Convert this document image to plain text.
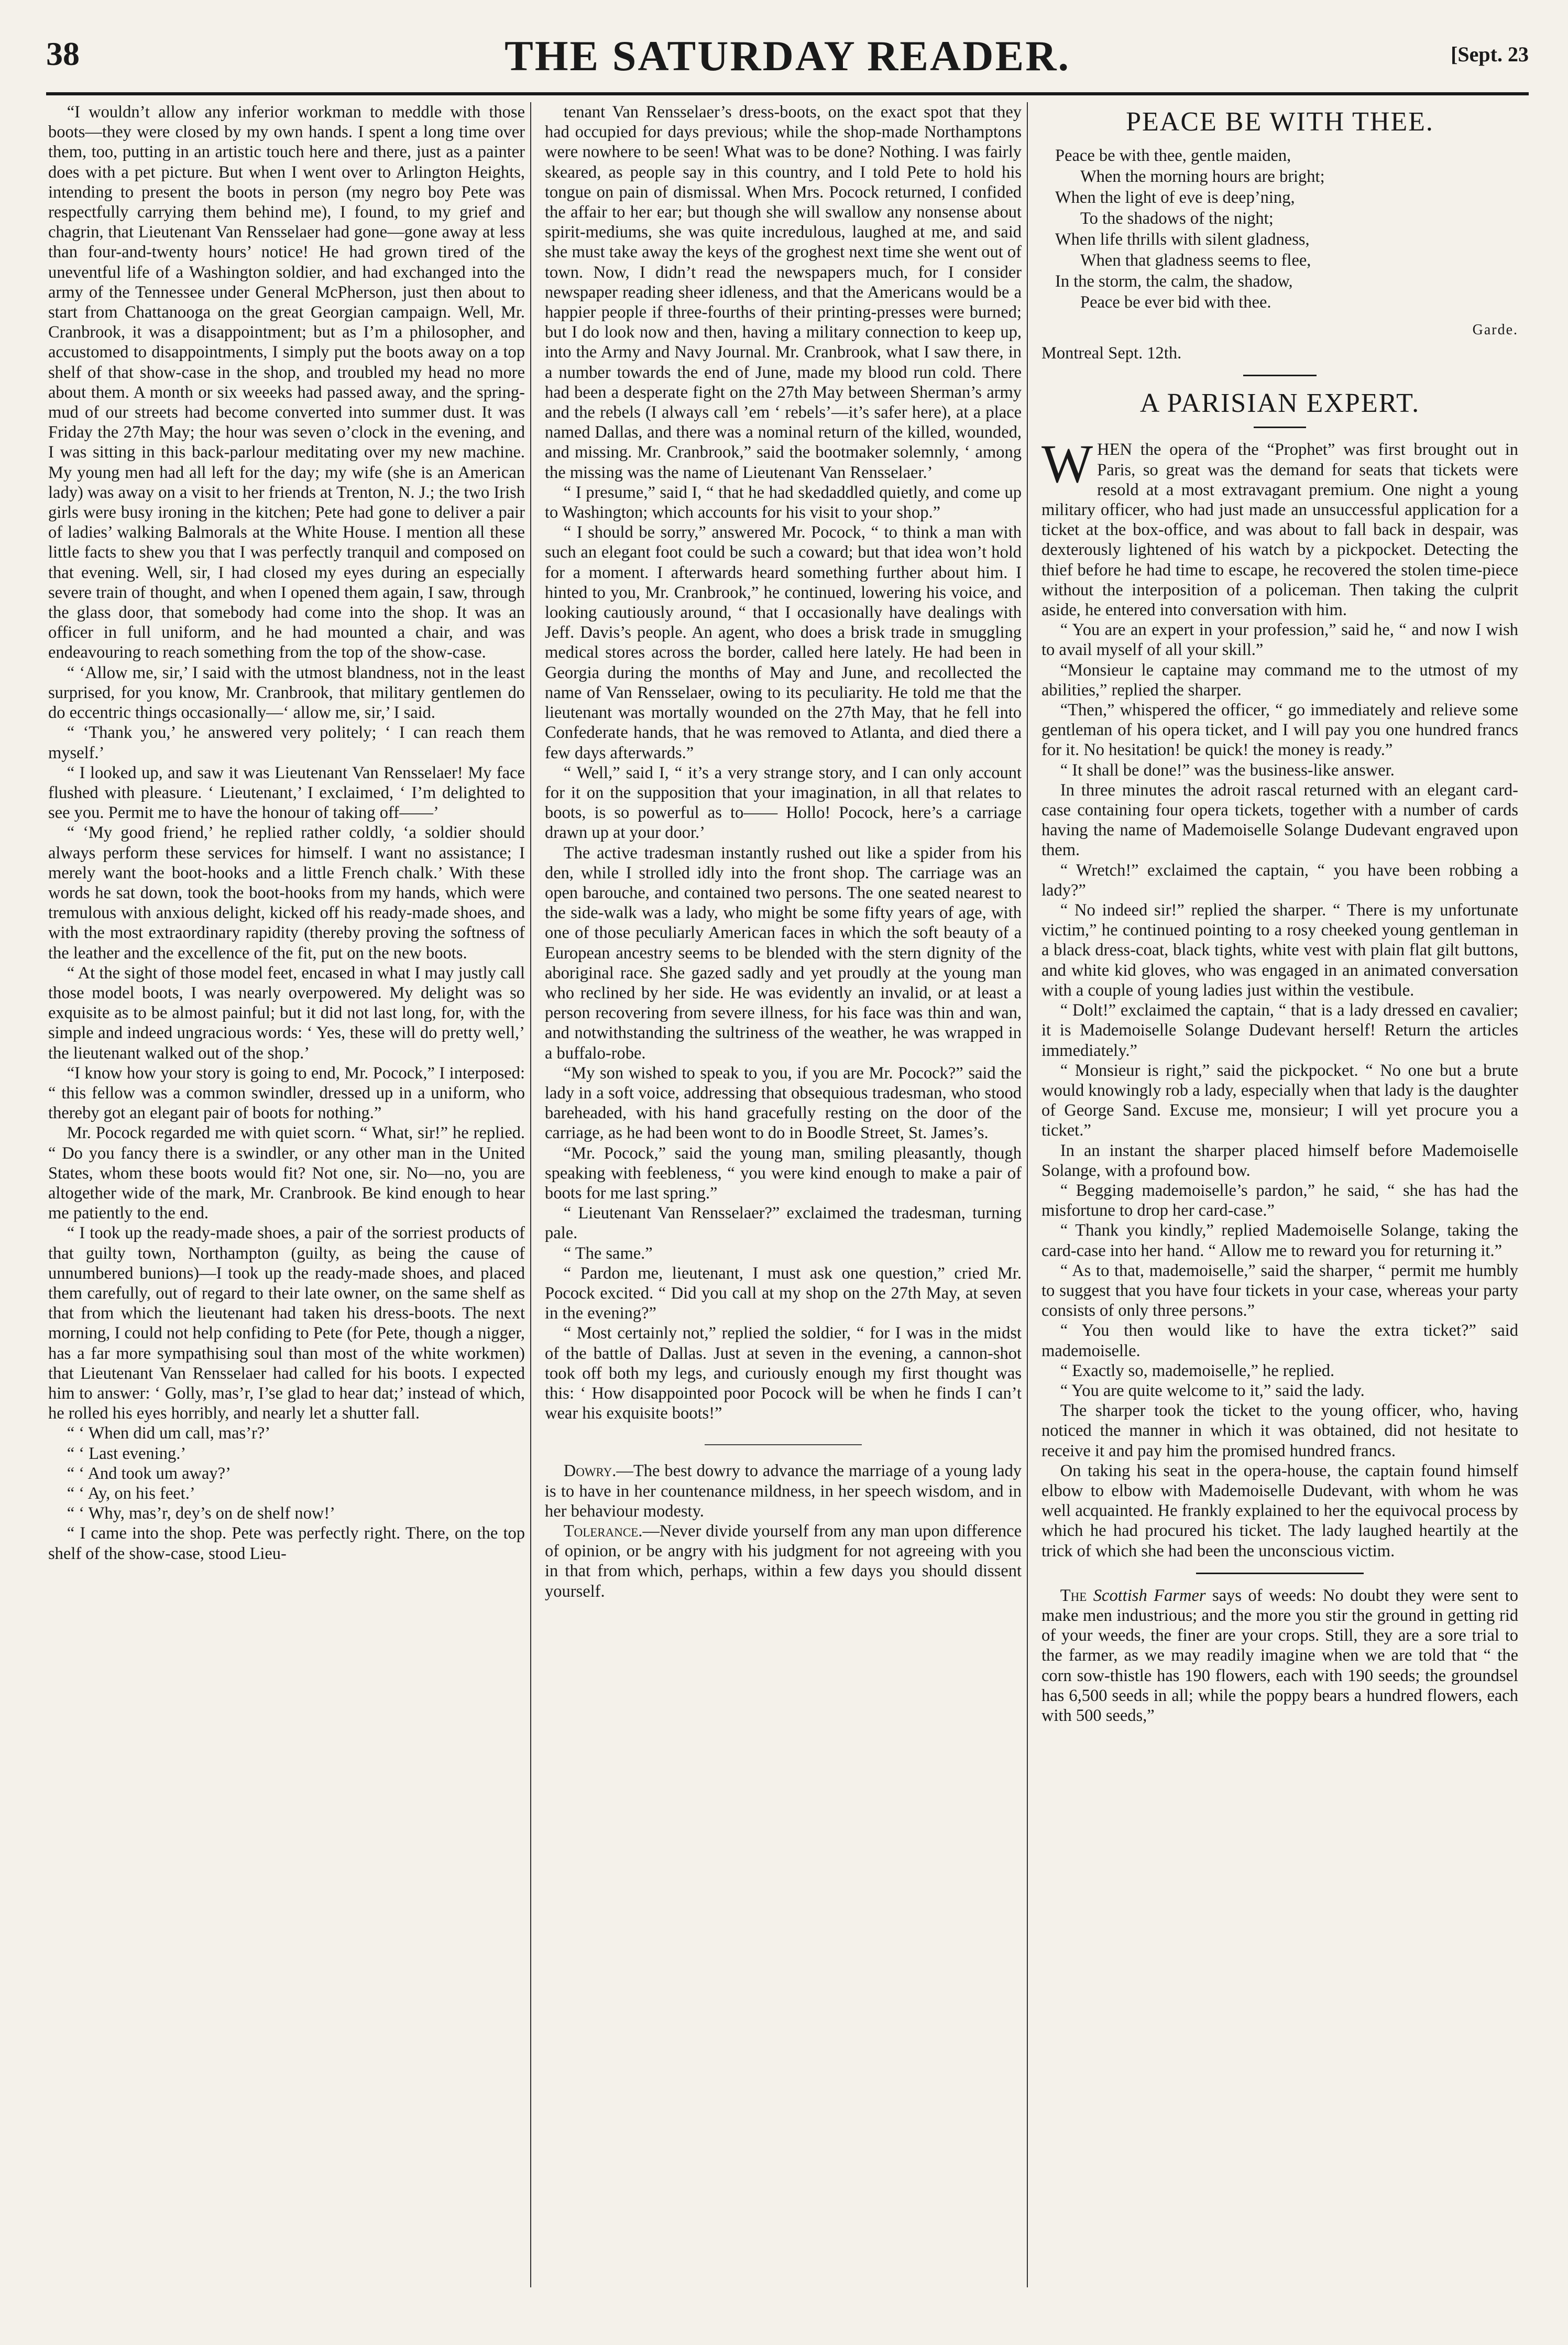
38	THE SATURDAY READER.	[Sept. 23

“I wouldn’t allow any inferior workman to meddle with those boots—they were closed by my own hands. I spent a long time over them, too, putting in an artistic touch here and there, just as a painter does with a pet picture. But when I went over to Arlington Heights, intending to present the boots in person (my negro boy Pete was respectfully carrying them behind me), I found, to my grief and chagrin, that Lieutenant Van Rensselaer had gone—gone away at less than four-and-twenty hours’ notice! He had grown tired of the uneventful life of a Washington soldier, and had exchanged into the army of the Tennessee under General McPherson, just then about to start from Chattanooga on the great Georgian campaign. Well, Mr. Cranbrook, it was a disappointment; but as I’m a philosopher, and accustomed to disappointments, I simply put the boots away on a top shelf of that show-case in the shop, and troubled my head no more about them. A month or six weeeks had passed away, and the spring-mud of our streets had become converted into summer dust. It was Friday the 27th May; the hour was seven o’clock in the evening, and I was sitting in this back-parlour meditating over my new machine. My young men had all left for the day; my wife (she is an American lady) was away on a visit to her friends at Trenton, N. J.; the two Irish girls were busy ironing in the kitchen; Pete had gone to deliver a pair of ladies’ walking Balmorals at the White House. I mention all these little facts to shew you that I was perfectly tranquil and composed on that evening. Well, sir, I had closed my eyes during an especially severe train of thought, and when I opened them again, I saw, through the glass door, that somebody had come into the shop. It was an officer in full uniform, and he had mounted a chair, and was endeavouring to reach something from the top of the show-case.

“ ‘Allow me, sir,’ I said with the utmost blandness, not in the least surprised, for you know, Mr. Cranbrook, that military gentlemen do do eccentric things occasionally—‘ allow me, sir,’ I said.

“ ‘Thank you,’ he answered very politely; ‘ I can reach them myself.’

“ I looked up, and saw it was Lieutenant Van Rensselaer! My face flushed with pleasure. ‘ Lieutenant,’ I exclaimed, ‘ I’m delighted to see you. Permit me to have the honour of taking off——’

“ ‘My good friend,’ he replied rather coldly, ‘a soldier should always perform these services for himself. I want no assistance; I merely want the boot-hooks and a little French chalk.’ With these words he sat down, took the boot-hooks from my hands, which were tremulous with anxious delight, kicked off his ready-made shoes, and with the most extraordinary rapidity (thereby proving the softness of the leather and the excellence of the fit, put on the new boots.

“ At the sight of those model feet, encased in what I may justly call those model boots, I was nearly overpowered. My delight was so exquisite as to be almost painful; but it did not last long, for, with the simple and indeed ungracious words: ‘ Yes, these will do pretty well,’ the lieutenant walked out of the shop.’

“I know how your story is going to end, Mr. Pocock,” I interposed: “ this fellow was a common swindler, dressed up in a uniform, who thereby got an elegant pair of boots for nothing.”

Mr. Pocock regarded me with quiet scorn. “ What, sir!” he replied. “ Do you fancy there is a swindler, or any other man in the United States, whom these boots would fit? Not one, sir. No—no, you are altogether wide of the mark, Mr. Cranbrook. Be kind enough to hear me patiently to the end.

“ I took up the ready-made shoes, a pair of the sorriest products of that guilty town, Northampton (guilty, as being the cause of unnumbered bunions)—I took up the ready-made shoes, and placed them carefully, out of regard to their late owner, on the same shelf as that from which the lieutenant had taken his dress-boots. The next morning, I could not help confiding to Pete (for Pete, though a nigger, has a far more sympathising soul than most of the white workmen) that Lieutenant Van Rensselaer had called for his boots. I expected him to answer: ‘ Golly, mas’r, I’se glad to hear dat;’ instead of which, he rolled his eyes horribly, and nearly let a shutter fall.

“ ‘ When did um call, mas’r?’

“ ‘ Last evening.’

“ ‘ And took um away?’

“ ‘ Ay, on his feet.’

“ ‘ Why, mas’r, dey’s on de shelf now!’

“ I came into the shop. Pete was perfectly right. There, on the top shelf of the show-case, stood Lieu-

tenant Van Rensselaer’s dress-boots, on the exact spot that they had occupied for days previous; while the shop-made Northamptons were nowhere to be seen! What was to be done? Nothing. I was fairly skeared, as people say in this country, and I told Pete to hold his tongue on pain of dismissal. When Mrs. Pocock returned, I confided the affair to her ear; but though she will swallow any nonsense about spirit-mediums, she was quite incredulous, laughed at me, and said she must take away the keys of the groghest next time she went out of town. Now, I didn’t read the newspapers much, for I consider newspaper reading sheer idleness, and that the Americans would be a happier people if three-fourths of their printing-presses were burned; but I do look now and then, having a military connection to keep up, into the Army and Navy Journal. Mr. Cranbrook, what I saw there, in a number towards the end of June, made my blood run cold. There had been a desperate fight on the 27th May between Sherman’s army and the rebels (I always call ’em ‘ rebels’—it’s safer here), at a place named Dallas, and there was a nominal return of the killed, wounded, and missing. Mr. Cranbrook,” said the bootmaker solemnly, ‘ among the missing was the name of Lieutenant Van Rensselaer.’

“ I presume,” said I, “ that he had skedaddled quietly, and come up to Washington; which accounts for his visit to your shop.”

“ I should be sorry,” answered Mr. Pocock, “ to think a man with such an elegant foot could be such a coward; but that idea won’t hold for a moment. I afterwards heard something further about him. I hinted to you, Mr. Cranbrook,” he continued, lowering his voice, and looking cautiously around, “ that I occasionally have dealings with Jeff. Davis’s people. An agent, who does a brisk trade in smuggling medical stores across the border, called here lately. He had been in Georgia during the months of May and June, and recollected the name of Van Rensselaer, owing to its peculiarity. He told me that the lieutenant was mortally wounded on the 27th May, that he fell into Confederate hands, that he was removed to Atlanta, and died there a few days afterwards.”

“ Well,” said I, “ it’s a very strange story, and I can only account for it on the supposition that your imagination, in all that relates to boots, is so powerful as to—— Hollo! Pocock, here’s a carriage drawn up at your door.’

The active tradesman instantly rushed out like a spider from his den, while I strolled idly into the front shop. The carriage was an open barouche, and contained two persons. The one seated nearest to the side-walk was a lady, who might be some fifty years of age, with one of those peculiarly American faces in which the soft beauty of a European ancestry seems to be blended with the stern dignity of the aboriginal race. She gazed sadly and yet proudly at the young man who reclined by her side. He was evidently an invalid, or at least a person recovering from severe illness, for his face was thin and wan, and notwithstanding the sultriness of the weather, he was wrapped in a buffalo-robe.

“My son wished to speak to you, if you are Mr. Pocock?” said the lady in a soft voice, addressing that obsequious tradesman, who stood bareheaded, with his hand gracefully resting on the door of the carriage, as he had been wont to do in Boodle Street, St. James’s.

“Mr. Pocock,” said the young man, smiling pleasantly, though speaking with feebleness, “ you were kind enough to make a pair of boots for me last spring.”

“ Lieutenant Van Rensselaer?” exclaimed the tradesman, turning pale.

“ The same.”

“ Pardon me, lieutenant, I must ask one question,” cried Mr. Pocock excited. “ Did you call at my shop on the 27th May, at seven in the evening?”

“ Most certainly not,” replied the soldier, “ for I was in the midst of the battle of Dallas. Just at seven in the evening, a cannon-shot took off both my legs, and curiously enough my first thought was this: ‘ How disappointed poor Pocock will be when he finds I can’t wear his exquisite boots!”

Dowry.—The best dowry to advance the marriage of a young lady is to have in her countenance mildness, in her speech wisdom, and in her behaviour modesty.

Tolerance.—Never divide yourself from any man upon difference of opinion, or be angry with his judgment for not agreeing with you in that from which, perhaps, within a few days you should dissent yourself.

PEACE BE WITH THEE.
Peace be with thee, gentle maiden,
When the morning hours are bright;
When the light of eve is deep’ning,
To the shadows of the night;
When life thrills with silent gladness,
When that gladness seems to flee,
In the storm, the calm, the shadow,
Peace be ever bid with thee.
Garde.
Montreal Sept. 12th.
A PARISIAN EXPERT.

WHEN the opera of the “Prophet” was first brought out in Paris, so great was the demand for seats that tickets were resold at a most extravagant premium. One night a young military officer, who had just made an unsuccessful application for a ticket at the box-office, and was about to fall back in despair, was dexterously lightened of his watch by a pickpocket. Detecting the thief before he had time to escape, he recovered the stolen time-piece without the interposition of a policeman. Then taking the culprit aside, he entered into conversation with him.

“ You are an expert in your profession,” said he, “ and now I wish to avail myself of all your skill.”

“Monsieur le captaine may command me to the utmost of my abilities,” replied the sharper.

“Then,” whispered the officer, “ go immediately and relieve some gentleman of his opera ticket, and I will pay you one hundred francs for it. No hesitation! be quick! the money is ready.”

“ It shall be done!” was the business-like answer.

In three minutes the adroit rascal returned with an elegant card-case containing four opera tickets, together with a number of cards having the name of Mademoiselle Solange Dudevant engraved upon them.

“ Wretch!” exclaimed the captain, “ you have been robbing a lady?”

“ No indeed sir!” replied the sharper. “ There is my unfortunate victim,” he continued pointing to a rosy cheeked young gentleman in a black dress-coat, black tights, white vest with plain flat gilt buttons, and white kid gloves, who was engaged in an animated conversation with a couple of young ladies just within the vestibule.

“ Dolt!” exclaimed the captain, “ that is a lady dressed en cavalier; it is Mademoiselle Solange Dudevant herself! Return the articles immediately.”

“ Monsieur is right,” said the pickpocket. “ No one but a brute would knowingly rob a lady, especially when that lady is the daughter of George Sand. Excuse me, monsieur; I will yet procure you a ticket.”

In an instant the sharper placed himself before Mademoiselle Solange, with a profound bow.

“ Begging mademoiselle’s pardon,” he said, “ she has had the misfortune to drop her card-case.”

“ Thank you kindly,” replied Mademoiselle Solange, taking the card-case into her hand. “ Allow me to reward you for returning it.”

“ As to that, mademoiselle,” said the sharper, “ permit me humbly to suggest that you have four tickets in your case, whereas your party consists of only three persons.”

“ You then would like to have the extra ticket?” said mademoiselle.

“ Exactly so, mademoiselle,” he replied.

“ You are quite welcome to it,” said the lady.

The sharper took the ticket to the young officer, who, having noticed the manner in which it was obtained, did not hesitate to receive it and pay him the promised hundred francs.

On taking his seat in the opera-house, the captain found himself elbow to elbow with Mademoiselle Dudevant, with whom he was well acquainted. He frankly explained to her the equivocal process by which he had procured his ticket. The lady laughed heartily at the trick of which she had been the unconscious victim.

The Scottish Farmer says of weeds: No doubt they were sent to make men industrious; and the more you stir the ground in getting rid of your weeds, the finer are your crops. Still, they are a sore trial to the farmer, as we may readily imagine when we are told that “ the corn sow-thistle has 190 flowers, each with 190 seeds; the groundsel has 6,500 seeds in all; while the poppy bears a hundred flowers, each with 500 seeds,”
